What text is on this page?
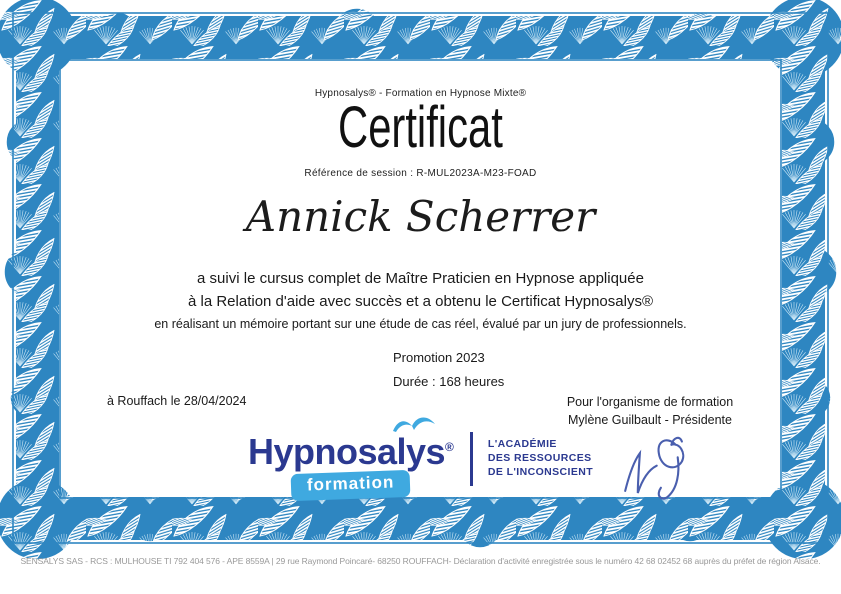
Hypnosalys® - Formation en Hypnose Mixte®
Certificat
Référence de session : R-MUL2023A-M23-FOAD
Annick Scherrer
a suivi le cursus complet de Maître Praticien en Hypnose appliquée
à la Relation d'aide avec succès et a obtenu le Certificat Hypnosalys®
en réalisant un mémoire portant sur une étude de cas réel, évalué par un jury de professionnels.
Promotion 2023
Durée : 168 heures
à Rouffach le 28/04/2024	Pour l'organisme de formation
Mylène Guilbault - Présidente
Hypnosalys®
formation
L'ACADÉMIE
DES RESSOURCES
DE L'INCONSCIENT
SENSALYS SAS - RCS : MULHOUSE TI 792 404 576 - APE 8559A | 29 rue Raymond Poincaré- 68250 ROUFFACH- Déclaration d'activité enregistrée sous le numéro 42 68 02452 68 auprès du préfet de région Alsace.
